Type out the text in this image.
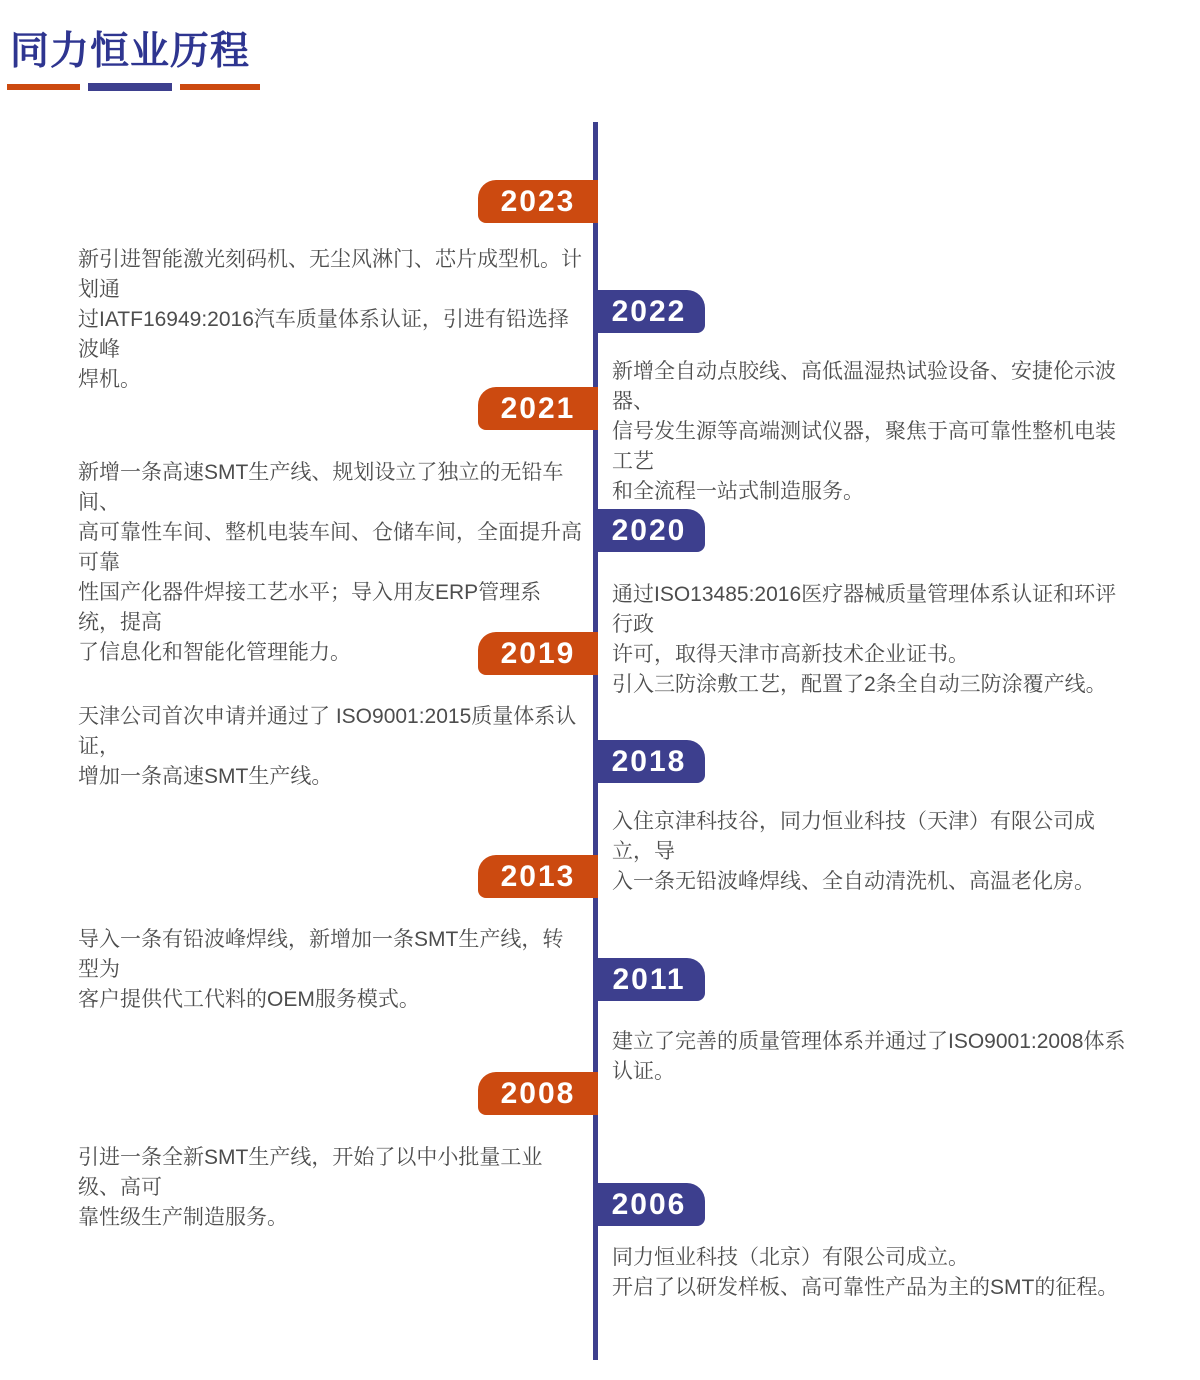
同力恒业历程
2023
新引进智能激光刻码机、无尘风淋门、芯片成型机。计划通
过IATF16949:2016汽车质量体系认证，引进有铅选择波峰
焊机。
2022
新增全自动点胶线、高低温湿热试验设备、安捷伦示波器、
信号发生源等高端测试仪器，聚焦于高可靠性整机电装工艺
和全流程一站式制造服务。
2021
新增一条高速SMT生产线、规划设立了独立的无铅车间、
高可靠性车间、整机电装车间、仓储车间，全面提升高可靠
性国产化器件焊接工艺水平；导入用友ERP管理系统，提高
了信息化和智能化管理能力。
2020
通过ISO13485:2016医疗器械质量管理体系认证和环评行政
许可，取得天津市高新技术企业证书。
引入三防涂敷工艺，配置了2条全自动三防涂覆产线。
2019
天津公司首次申请并通过了 ISO9001:2015质量体系认证，
增加一条高速SMT生产线。	2018
入住京津科技谷，同力恒业科技（天津）有限公司成立，导
入一条无铅波峰焊线、全自动清洗机、高温老化房。
2013
导入一条有铅波峰焊线，新增加一条SMT生产线，转型为
客户提供代工代料的OEM服务模式。
2011
建立了完善的质量管理体系并通过了ISO9001:2008体系
认证。
2008
引进一条全新SMT生产线，开始了以中小批量工业级、高可
靠性级生产制造服务。	2006
同力恒业科技（北京）有限公司成立。
开启了以研发样板、高可靠性产品为主的SMT的征程。
